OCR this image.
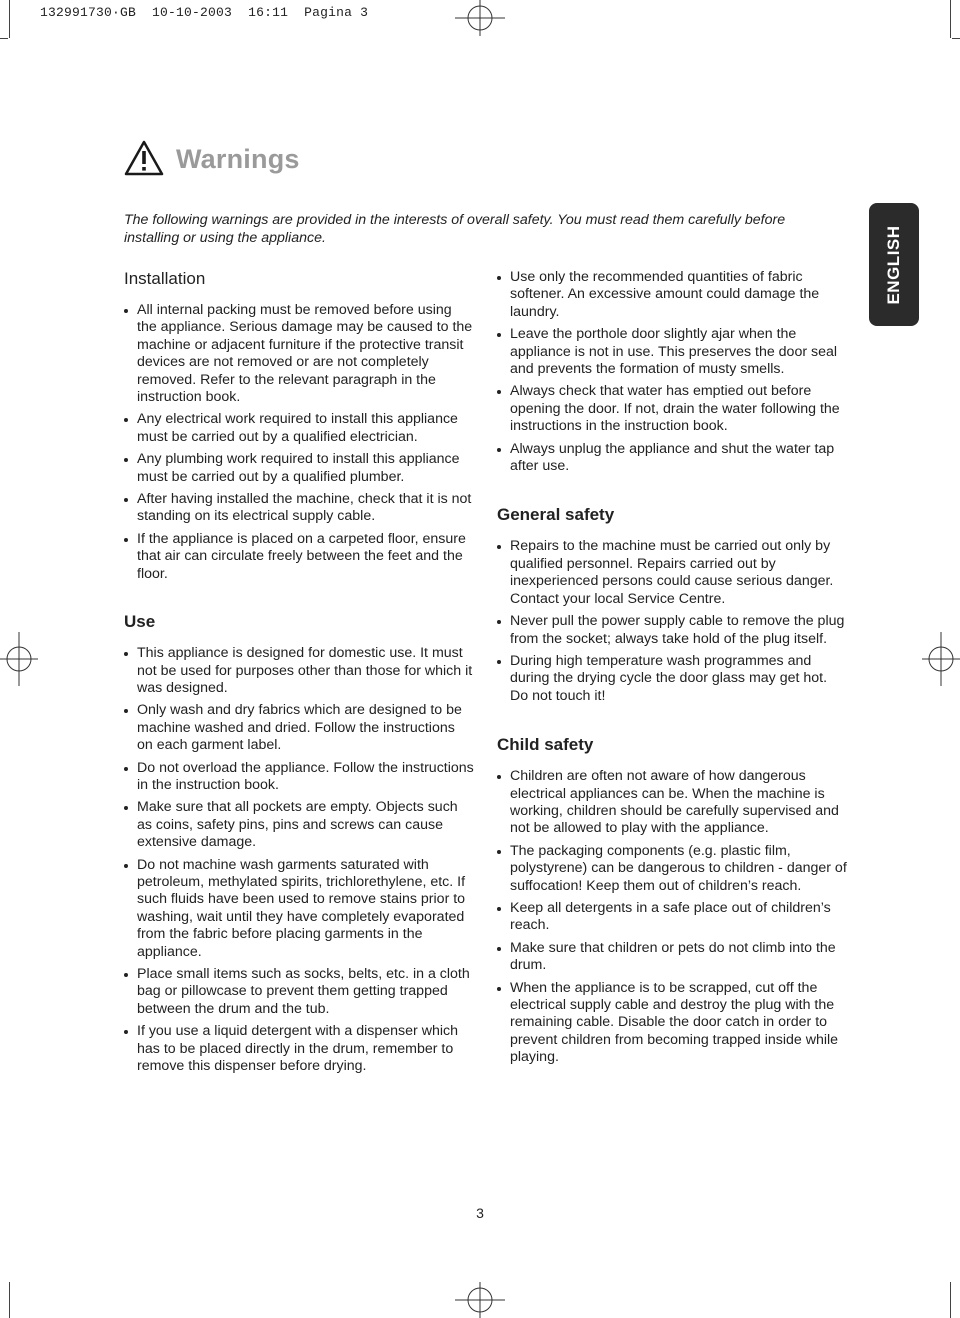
132991730·GB 10-10-2003 16:11 Pagina 3
Warnings

The following warnings are provided in the interests of overall safety. You must read them carefully before installing or using the appliance.	ENGLISH
Installation
All internal packing must be removed before using the appliance. Serious damage may be caused to the machine or adjacent furniture if the protective transit devices are not removed or are not completely removed. Refer to the relevant paragraph in the instruction book.
Any electrical work required to install this appliance must be carried out by a qualified electrician.
Any plumbing work required to install this appliance must be carried out by a qualified plumber.
After having installed the machine, check that it is not standing on its electrical supply cable.
If the appliance is placed on a carpeted floor, ensure that air can circulate freely between the feet and the floor.
Use
This appliance is designed for domestic use. It must not be used for purposes other than those for which it was designed.
Only wash and dry fabrics which are designed to be machine washed and dried. Follow the instructions on each garment label.
Do not overload the appliance. Follow the instructions in the instruction book.
Make sure that all pockets are empty. Objects such as coins, safety pins, pins and screws can cause extensive damage.
Do not machine wash garments saturated with petroleum, methylated spirits, trichlorethylene, etc. If such fluids have been used to remove stains prior to washing, wait until they have completely evaporated from the fabric before placing garments in the appliance.
Place small items such as socks, belts, etc. in a cloth bag or pillowcase to prevent them getting trapped between the drum and the tub.
If you use a liquid detergent with a dispenser which has to be placed directly in the drum, remember to remove this dispenser before drying.
Use only the recommended quantities of fabric softener. An excessive amount could damage the laundry.
Leave the porthole door slightly ajar when the appliance is not in use. This preserves the door seal and prevents the formation of musty smells.
Always check that water has emptied out before opening the door. If not, drain the water following the instructions in the instruction book.
Always unplug the appliance and shut the water tap after use.
General safety
Repairs to the machine must be carried out only by qualified personnel. Repairs carried out by inexperienced persons could cause serious danger. Contact your local Service Centre.
Never pull the power supply cable to remove the plug from the socket; always take hold of the plug itself.
During high temperature wash programmes and during the drying cycle the door glass may get hot. Do not touch it!
Child safety
Children are often not aware of how dangerous electrical appliances can be. When the machine is working, children should be carefully supervised and not be allowed to play with the appliance.
The packaging components (e.g. plastic film, polystyrene) can be dangerous to children - danger of suffocation! Keep them out of children’s reach.
Keep all detergents in a safe place out of children’s reach.
Make sure that children or pets do not climb into the drum.
When the appliance is to be scrapped, cut off the electrical supply cable and destroy the plug with the remaining cable. Disable the door catch in order to prevent children from becoming trapped inside while playing.
3
